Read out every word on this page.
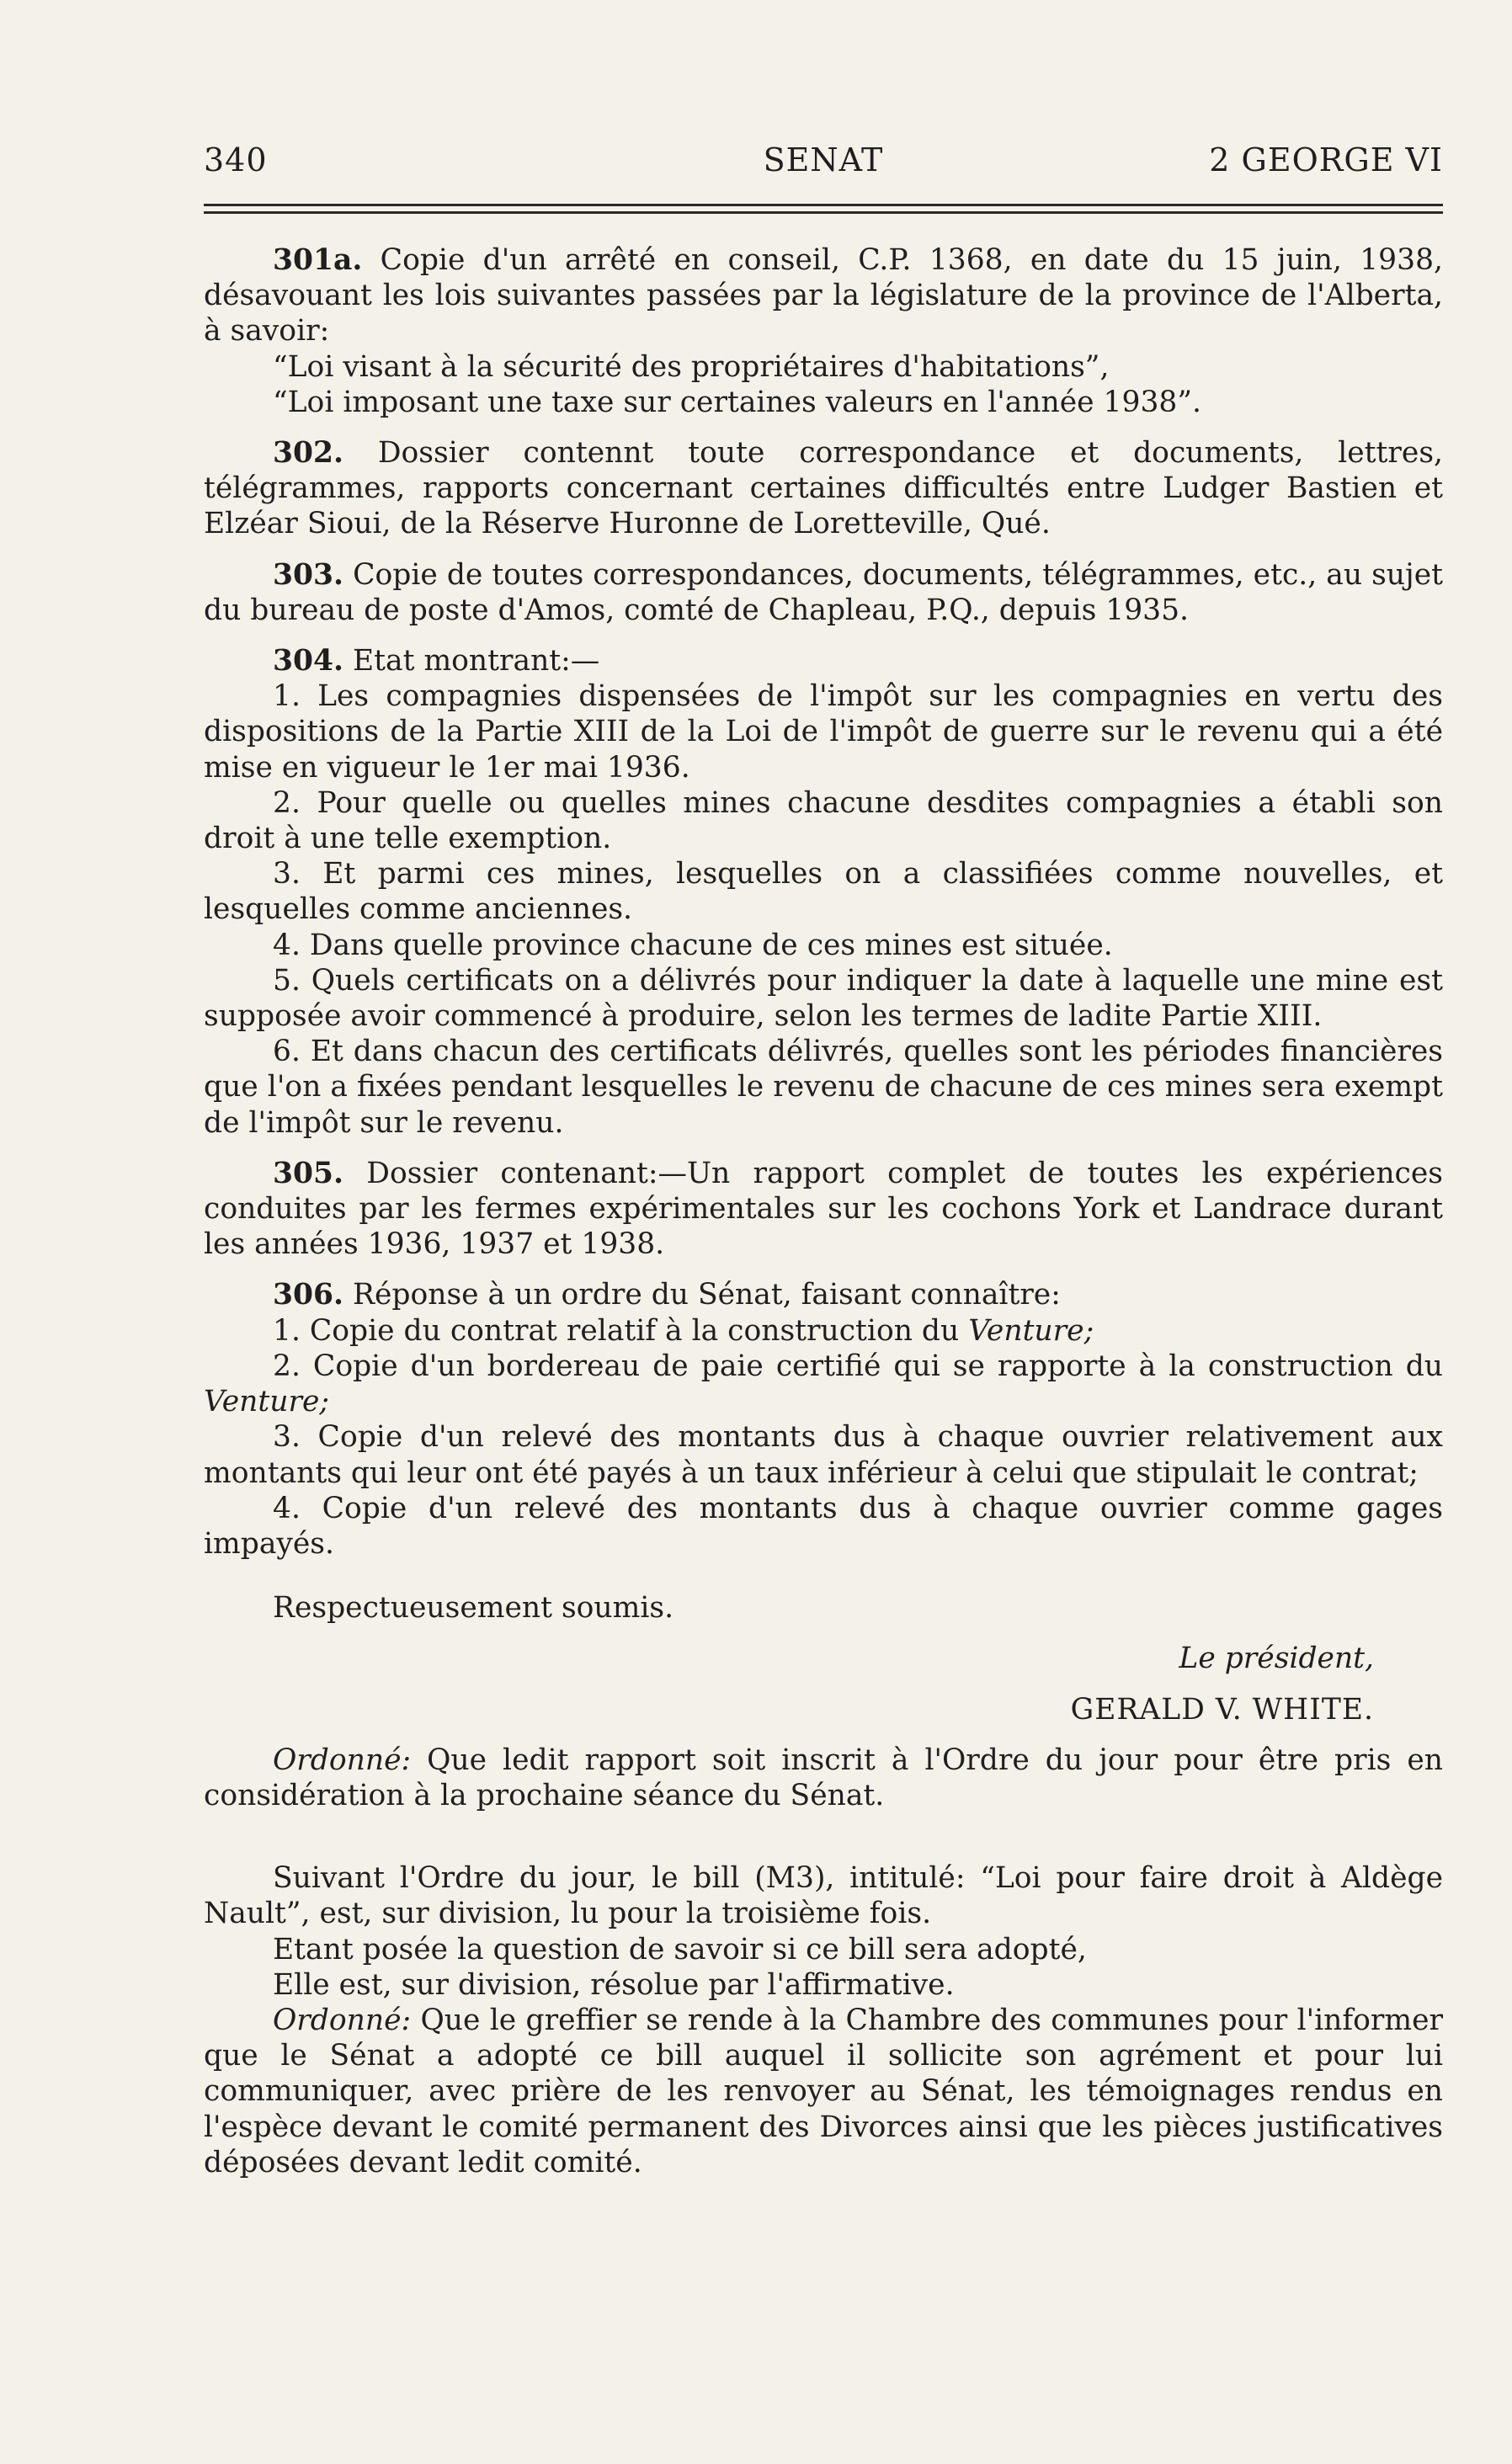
340	SENAT	2 GEORGE VI

301a. Copie d'un arrêté en conseil, C.P. 1368, en date du 15 juin, 1938, désavouant les lois suivantes passées par la législature de la province de l'Alberta, à savoir:

“Loi visant à la sécurité des propriétaires d'habitations”,

“Loi imposant une taxe sur certaines valeurs en l'année 1938”.

302. Dossier contennt toute correspondance et documents, lettres, télégrammes, rapports concernant certaines difficultés entre Ludger Bastien et Elzéar Sioui, de la Réserve Huronne de Loretteville, Qué.

303. Copie de toutes correspondances, documents, télégrammes, etc., au sujet du bureau de poste d'Amos, comté de Chapleau, P.Q., depuis 1935.

304. Etat montrant:—

1. Les compagnies dispensées de l'impôt sur les compagnies en vertu des dispositions de la Partie XIII de la Loi de l'impôt de guerre sur le revenu qui a été mise en vigueur le 1er mai 1936.

2. Pour quelle ou quelles mines chacune desdites compagnies a établi son droit à une telle exemption.

3. Et parmi ces mines, lesquelles on a classifiées comme nouvelles, et lesquelles comme anciennes.

4. Dans quelle province chacune de ces mines est située.

5. Quels certificats on a délivrés pour indiquer la date à laquelle une mine est supposée avoir commencé à produire, selon les termes de ladite Partie XIII.

6. Et dans chacun des certificats délivrés, quelles sont les périodes financières que l'on a fixées pendant lesquelles le revenu de chacune de ces mines sera exempt de l'impôt sur le revenu.

305. Dossier contenant:—Un rapport complet de toutes les expériences conduites par les fermes expérimentales sur les cochons York et Landrace durant les années 1936, 1937 et 1938.

306. Réponse à un ordre du Sénat, faisant connaître:

1. Copie du contrat relatif à la construction du Venture;

2. Copie d'un bordereau de paie certifié qui se rapporte à la construction du Venture;

3. Copie d'un relevé des montants dus à chaque ouvrier relativement aux montants qui leur ont été payés à un taux inférieur à celui que stipulait le contrat;

4. Copie d'un relevé des montants dus à chaque ouvrier comme gages impayés.

Respectueusement soumis.

Le président,

GERALD V. WHITE.

Ordonné: Que ledit rapport soit inscrit à l'Ordre du jour pour être pris en considération à la prochaine séance du Sénat.

Suivant l'Ordre du jour, le bill (M3), intitulé: “Loi pour faire droit à Aldège Nault”, est, sur division, lu pour la troisième fois.

Etant posée la question de savoir si ce bill sera adopté,

Elle est, sur division, résolue par l'affirmative.

Ordonné: Que le greffier se rende à la Chambre des communes pour l'informer que le Sénat a adopté ce bill auquel il sollicite son agrément et pour lui communiquer, avec prière de les renvoyer au Sénat, les témoignages rendus en l'espèce devant le comité permanent des Divorces ainsi que les pièces justificatives déposées devant ledit comité.
